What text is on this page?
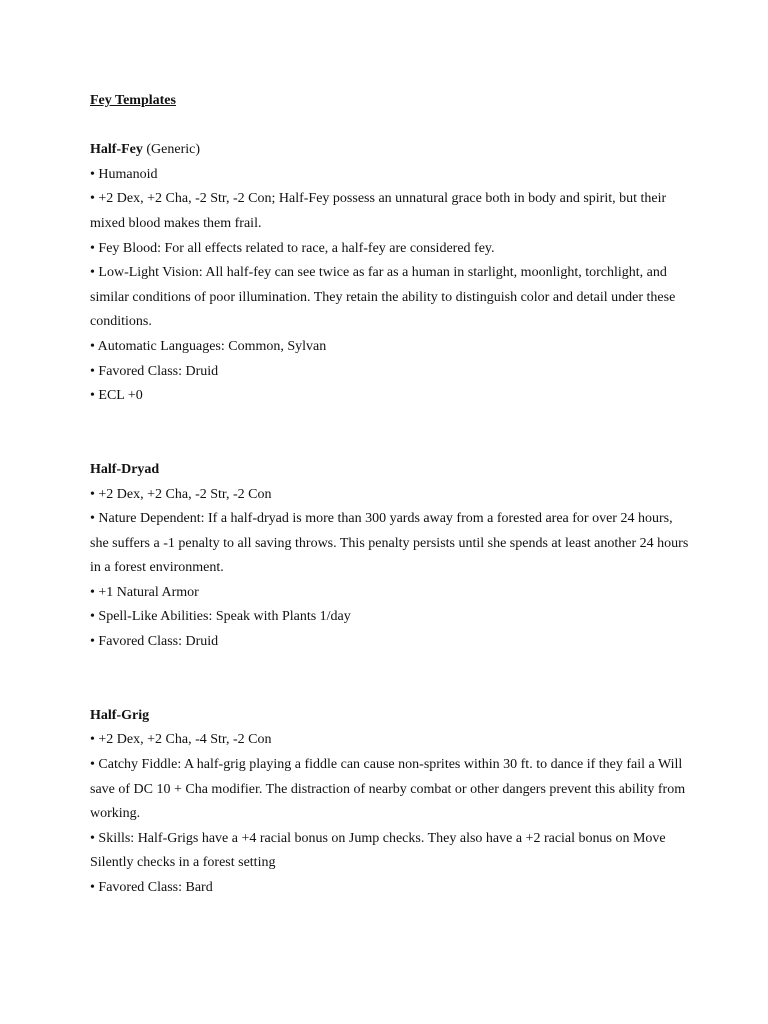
Fey Templates
Half-Fey (Generic)
• Humanoid
• +2 Dex, +2 Cha, -2 Str, -2 Con; Half-Fey possess an unnatural grace both in body and spirit, but their mixed blood makes them frail.
• Fey Blood: For all effects related to race, a half-fey are considered fey.
• Low-Light Vision: All half-fey can see twice as far as a human in starlight, moonlight, torchlight, and similar conditions of poor illumination. They retain the ability to distinguish color and detail under these conditions.
• Automatic Languages: Common, Sylvan
• Favored Class: Druid
• ECL +0
Half-Dryad
• +2 Dex, +2 Cha, -2 Str, -2 Con
• Nature Dependent: If a half-dryad is more than 300 yards away from a forested area for over 24 hours, she suffers a -1 penalty to all saving throws. This penalty persists until she spends at least another 24 hours in a forest environment.
• +1 Natural Armor
• Spell-Like Abilities: Speak with Plants 1/day
• Favored Class: Druid
Half-Grig
• +2 Dex, +2 Cha, -4 Str, -2 Con
• Catchy Fiddle: A half-grig playing a fiddle can cause non-sprites within 30 ft. to dance if they fail a Will save of DC 10 + Cha modifier. The distraction of nearby combat or other dangers prevent this ability from working.
• Skills: Half-Grigs have a +4 racial bonus on Jump checks. They also have a +2 racial bonus on Move Silently checks in a forest setting
• Favored Class: Bard
